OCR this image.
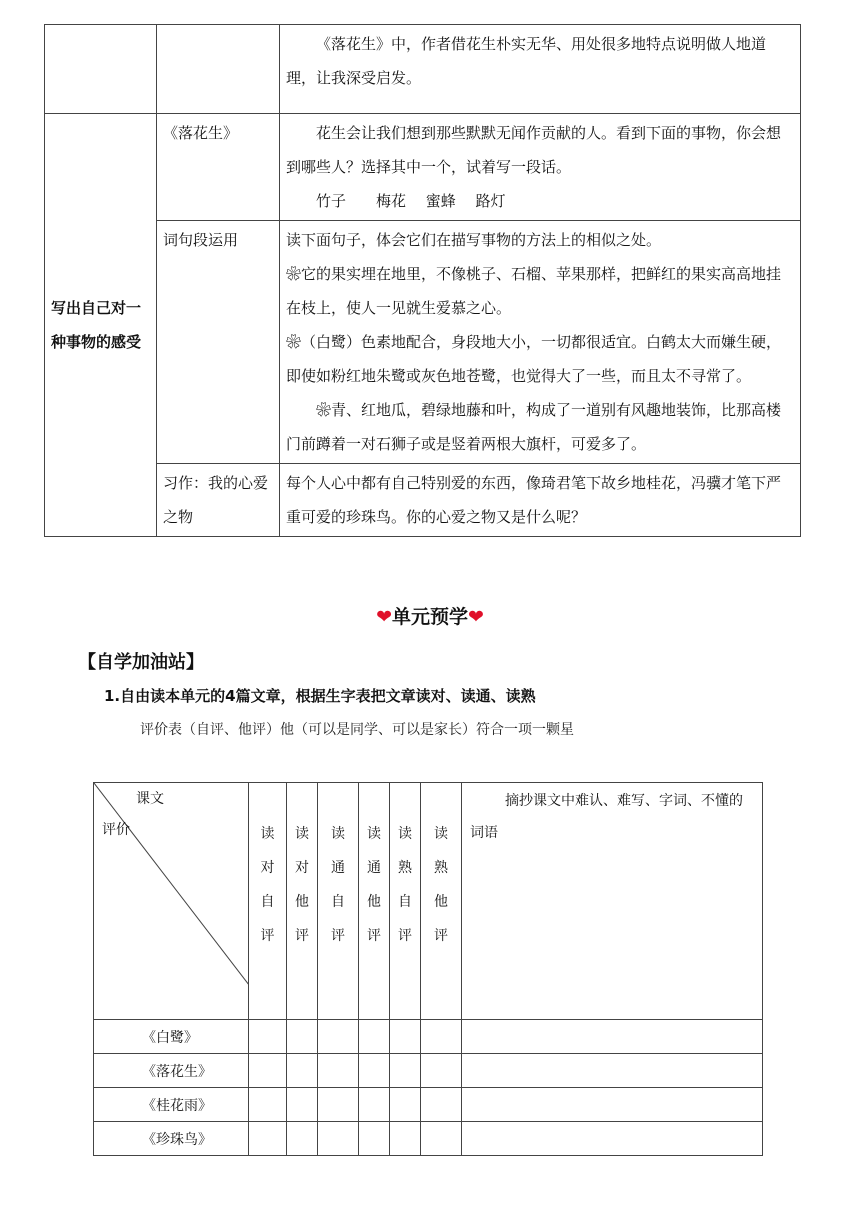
		《落花生》中，作者借花生朴实无华、用处很多地特点说明做人地道理，让我深受启发。

写出自己对一种事物的感受	《落花生》	花生会让我们想到那些默默无闻作贡献的人。看到下面的事物，你会想到哪些人？选择其中一个，试着写一段话。

竹子　　梅花　 蜜蜂　 路灯

	词句段运用	读下面句子，体会它们在描写事物的方法上的相似之处。

❀它的果实埋在地里，不像桃子、石榴、苹果那样，把鲜红的果实高高地挂在枝上，使人一见就生爱慕之心。

❀（白鹭）色素地配合，身段地大小，一切都很适宜。白鹤太大而嫌生硬，即使如粉红地朱鹭或灰色地苍鹭，也觉得大了一些，而且太不寻常了。

❀青、红地瓜，碧绿地藤和叶，构成了一道别有风趣地装饰，比那高楼门前蹲着一对石狮子或是竖着两根大旗杆，可爱多了。

	习作：我的心爱之物	每个人心中都有自己特别爱的东西，像琦君笔下故乡地桂花，冯骥才笔下严重可爱的珍珠鸟。你的心爱之物又是什么呢？

❤单元预学❤
【自学加油站】
1.自由读本单元的4篇文章，根据生字表把文章读对、读通、读熟
评价表（自评、他评）他（可以是同学、可以是家长）符合一项一颗星
课文
评价	读
对
自
评	读
对
他
评	读
通
自
评	读
通
他
评	读
熟
自
评	读
熟
他
评	摘抄课文中难认、难写、字词、不懂的词语

《白鹭》							
《落花生》							
《桂花雨》							
《珍珠鸟》							
